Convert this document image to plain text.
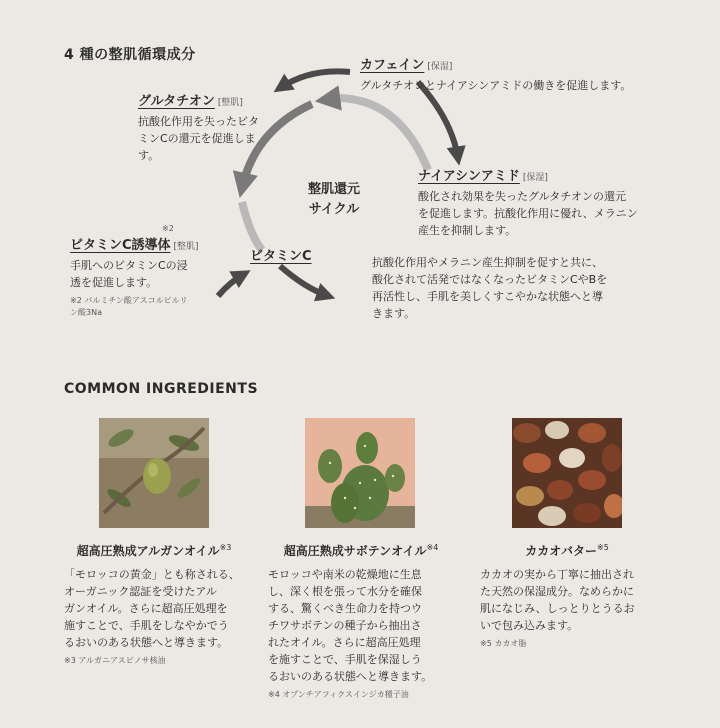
4 種の整肌循環成分
整肌還元
サイクル
カフェイン [保湿]
グルタチオンとナイアシンアミドの働きを促進します。
グルタチオン [整肌]
抗酸化作用を失ったビタ
ミンCの還元を促進しま
す。
ナイアシンアミド [保湿]
酸化され効果を失ったグルタチオンの還元
を促進します。抗酸化作用に優れ、メラニン
産生を抑制します。
ビタミンC誘導体 [整肌]
※2
手肌へのビタミンCの浸
透を促進します。
※2 パルミチン酸アスコルビルリ
ン酸3Na
ビタミンC	抗酸化作用やメラニン産生抑制を促すと共に、
酸化されて活発ではなくなったビタミンCやBを
再活性し、手肌を美しくすこやかな状態へと導
きます。
COMMON INGREDIENTS
超高圧熟成アルガンオイル$^{※3}$	超高圧熟成サボテンオイル$^{※4}$	カカオバター$^{※5}$
「モロッコの黄金」とも称される、
オーガニック認証を受けたアル
ガンオイル。さらに超高圧処理を
施すことで、手肌をしなやかでう
るおいのある状態へと導きます。
※3 アルガニアスピノサ核油
モロッコや南米の乾燥地に生息
し、深く根を張って水分を確保
する、驚くべき生命力を持つウ
チワサボテンの種子から抽出さ
れたオイル。さらに超高圧処理
を施すことで、手肌を保湿しう
るおいのある状態へと導きます。
※4 オプンチアフィクスインジカ種子油
カカオの実から丁寧に抽出され
た天然の保湿成分。なめらかに
肌になじみ、しっとりとうるお
いで包み込みます。
※5 カカオ脂
